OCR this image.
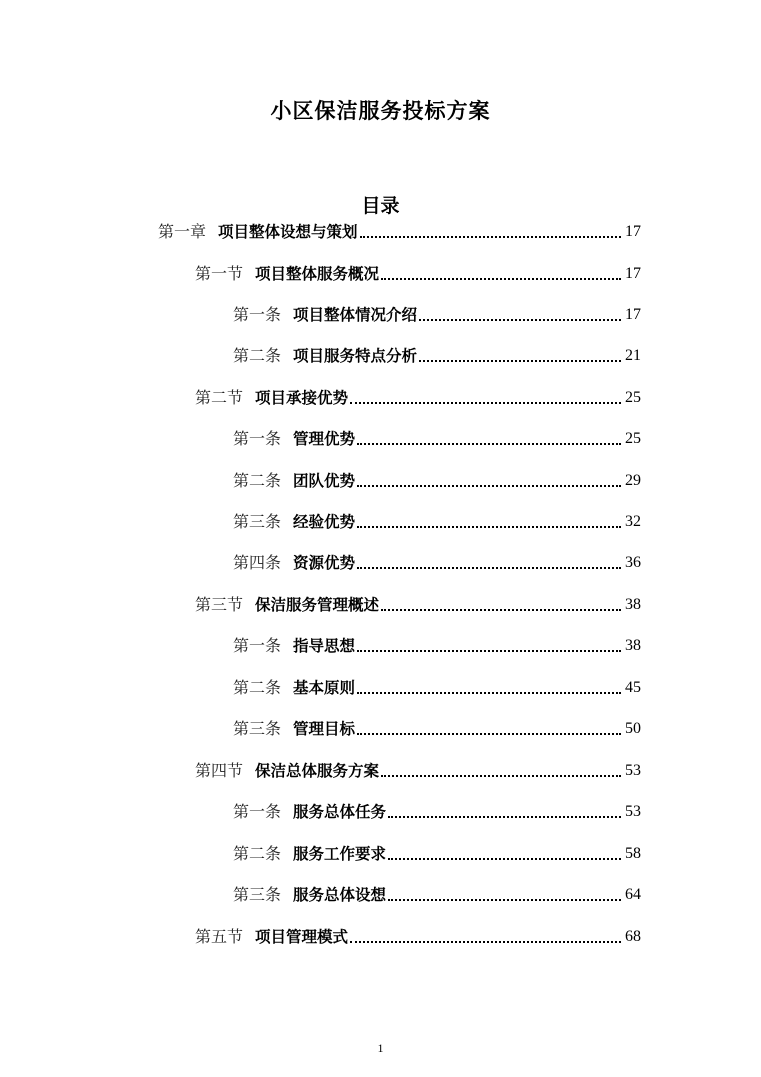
小区保洁服务投标方案
目录
第一章 项目整体设想与策划	17
第一节 项目整体服务概况	17
第一条 项目整体情况介绍	17
第二条 项目服务特点分析	21
第二节 项目承接优势	25
第一条 管理优势	25
第二条 团队优势	29
第三条 经验优势	32
第四条 资源优势	36
第三节 保洁服务管理概述	38
第一条 指导思想	38
第二条 基本原则	45
第三条 管理目标	50
第四节 保洁总体服务方案	53
第一条 服务总体任务	53
第二条 服务工作要求	58
第三条 服务总体设想	64
第五节 项目管理模式	68
1
